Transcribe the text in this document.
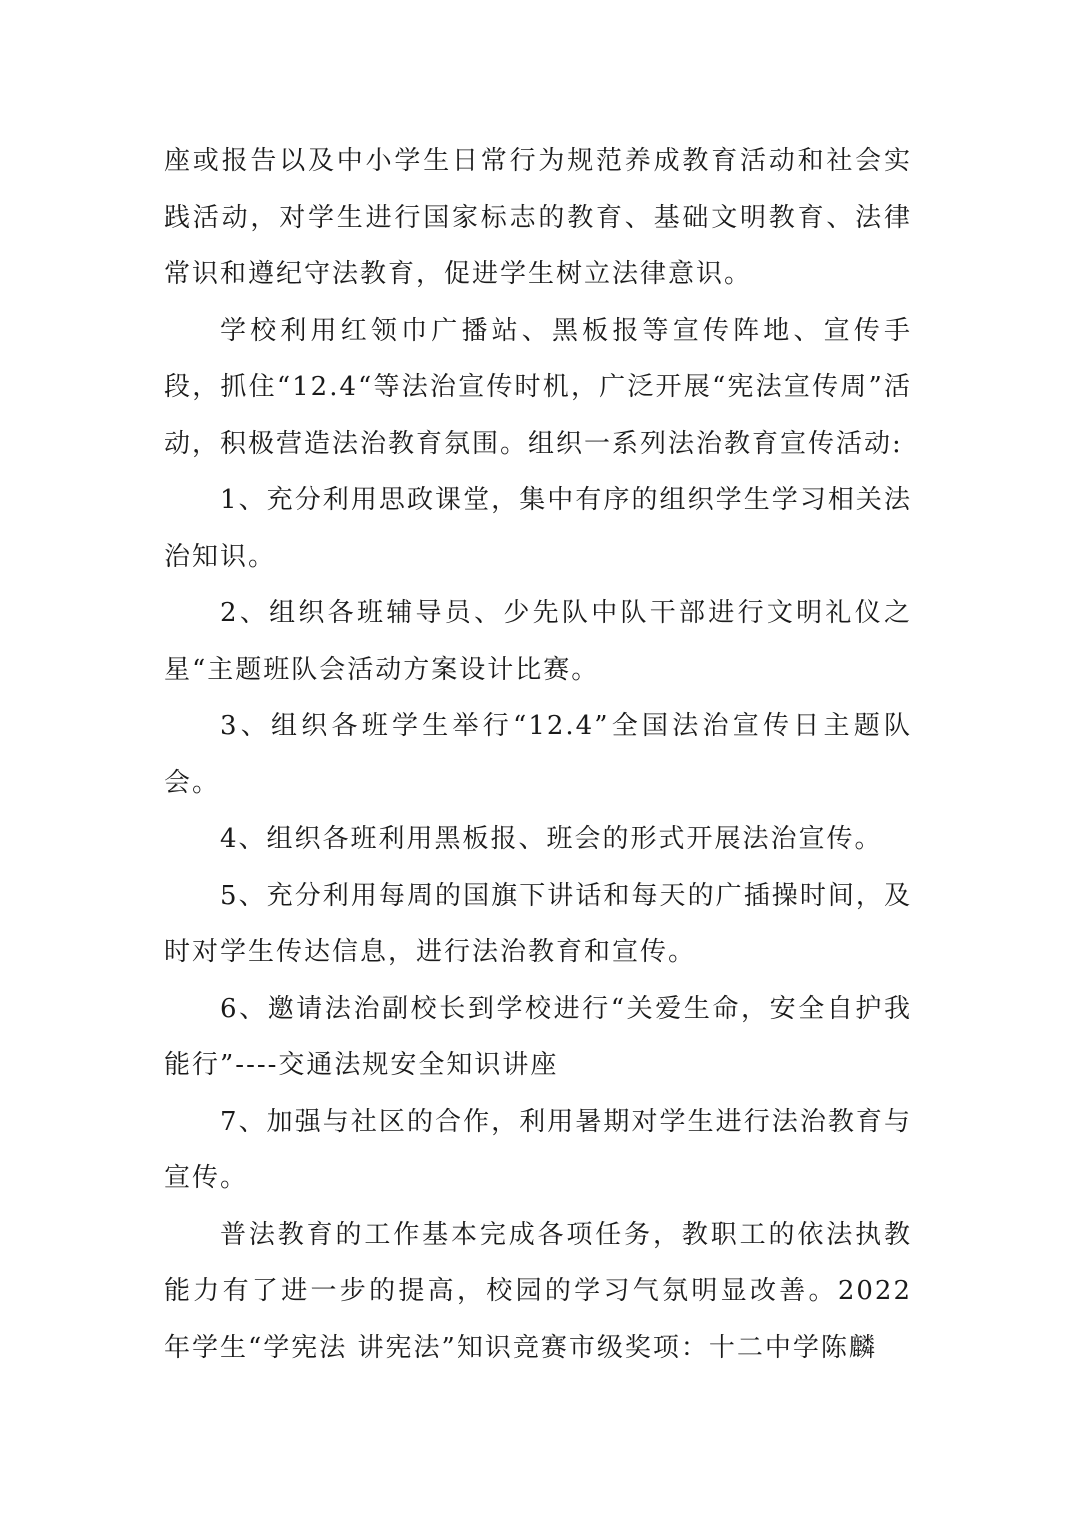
座或报告以及中小学生日常行为规范养成教育活动和社会实践活动，对学生进行国家标志的教育、基础文明教育、法律常识和遵纪守法教育，促进学生树立法律意识。

学校利用红领巾广播站、黑板报等宣传阵地、宣传手段，抓住“12.4“等法治宣传时机，广泛开展“宪法宣传周”活动，积极营造法治教育氛围。组织一系列法治教育宣传活动:

1、充分利用思政课堂，集中有序的组织学生学习相关法治知识。

2、组织各班辅导员、少先队中队干部进行文明礼仪之星“主题班队会活动方案设计比赛。

3、组织各班学生举行“12.4”全国法治宣传日主题队会。

4、组织各班利用黑板报、班会的形式开展法治宣传。

5、充分利用每周的国旗下讲话和每天的广插操时间，及时对学生传达信息，进行法治教育和宣传。

6、邀请法治副校长到学校进行“关爱生命，安全自护我能行”----交通法规安全知识讲座

7、加强与社区的合作，利用暑期对学生进行法治教育与宣传。

普法教育的工作基本完成各项任务，教职工的依法执教能力有了进一步的提高，校园的学习气氛明显改善。2022 年学生“学宪法 讲宪法”知识竞赛市级奖项：十二中学陈麟
